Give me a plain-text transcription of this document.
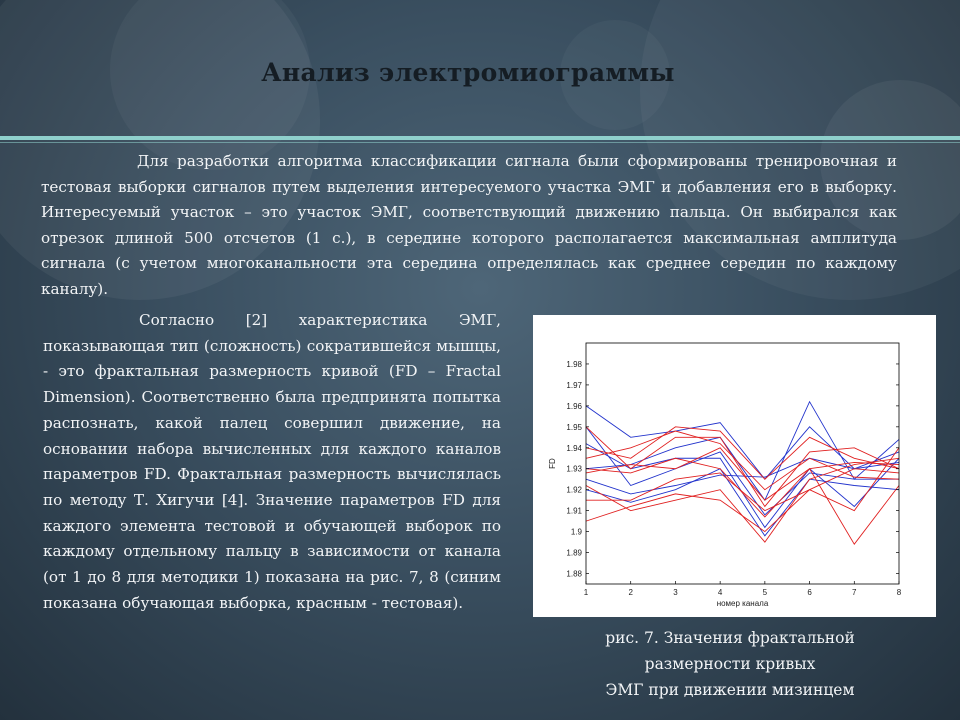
Анализ электромиограммы

Для разработки алгоритма классификации сигнала были сформированы тренировочная и тестовая выборки сигналов путем выделения интересуемого участка ЭМГ и добавления его в выборку. Интересуемый участок – это участок ЭМГ, соответствующий движению пальца. Он выбирался как отрезок длиной 500 отсчетов (1 с.), в середине которого располагается максимальная амплитуда сигнала (с учетом многоканальности эта середина определялась как среднее середин по каждому каналу).

Согласно [2] характеристика ЭМГ, показывающая тип (сложность) сократившейся мышцы, - это фрактальная размерность кривой (FD – Fractal Dimension). Соответственно была предпринята попытка распознать, какой палец совершил движение, на основании набора вычисленных для каждого каналов параметров FD. Фрактальная размерность вычислялась по методу Т. Хигучи [4]. Значение параметров FD для каждого элемента тестовой и обучающей выборок по каждому отдельному пальцу в зависимости от канала (от 1 до 8 для методики 1) показана на рис. 7, 8 (синим показана обучающая выборка, красным - тестовая).

1	2	3	4	5	6	7	8
1.88
1.89
1.9
1.91
1.92
1.93
1.94
1.95
1.96
1.97
1.98
FD
номер канала
рис. 7. Значения фрактальной
размерности кривых
ЭМГ при движении мизинцем
